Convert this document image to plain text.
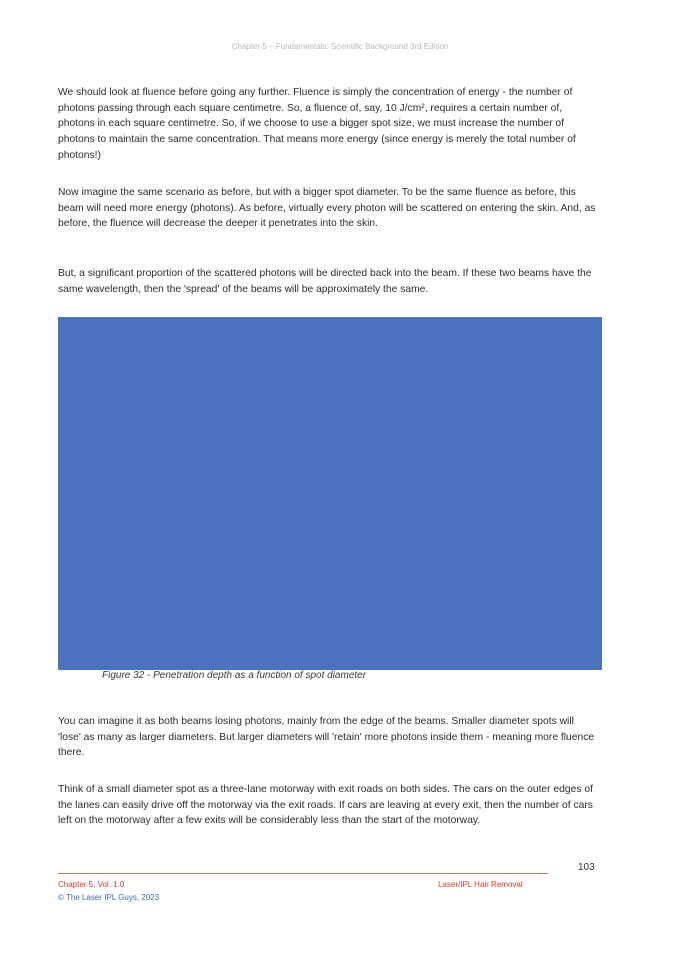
Chapter 5 – Fundamentals: Scientific Background 3rd Edition

We should look at fluence before going any further. Fluence is simply the concentration of energy - the number of photons passing through each square centimetre. So, a fluence of, say, 10 J/cm², requires a certain number of, photons in each square centimetre. So, if we choose to use a bigger spot size, we must increase the number of photons to maintain the same concentration. That means more energy (since energy is merely the total number of photons!)

Now imagine the same scenario as before, but with a bigger spot diameter. To be the same fluence as before, this beam will need more energy (photons). As before, virtually every photon will be scattered on entering the skin. And, as before, the fluence will decrease the deeper it penetrates into the skin.

But, a significant proportion of the scattered photons will be directed back into the beam. If these two beams have the same wavelength, then the 'spread' of the beams will be approximately the same.

Figure 32 - Penetration depth as a function of spot diameter

You can imagine it as both beams losing photons, mainly from the edge of the beams. Smaller diameter spots will 'lose' as many as larger diameters. But larger diameters will 'retain' more photons inside them - meaning more fluence there.

Think of a small diameter spot as a three-lane motorway with exit roads on both sides. The cars on the outer edges of the lanes can easily drive off the motorway via the exit roads. If cars are leaving at every exit, then the number of cars left on the motorway after a few exits will be considerably less than the start of the motorway.

103
Chapter 5, Vol. 1.0	Laser/IPL Hair Removal
© The Laser IPL Guys, 2023
